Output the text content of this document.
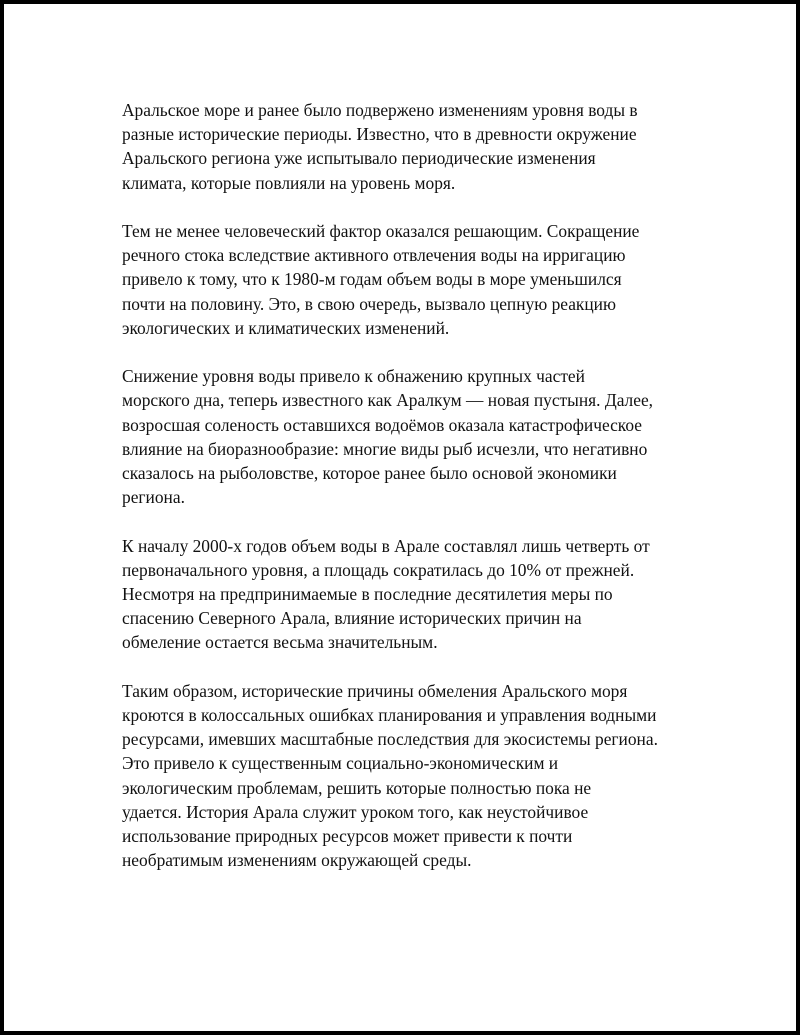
Аральское море и ранее было подвержено изменениям уровня воды в
разные исторические периоды. Известно, что в древности окружение
Аральского региона уже испытывало периодические изменения
климата, которые повлияли на уровень моря.

Тем не менее человеческий фактор оказался решающим. Сокращение
речного стока вследствие активного отвлечения воды на ирригацию
привело к тому, что к 1980-м годам объем воды в море уменьшился
почти на половину. Это, в свою очередь, вызвало цепную реакцию
экологических и климатических изменений.

Снижение уровня воды привело к обнажению крупных частей
морского дна, теперь известного как Аралкум — новая пустыня. Далее,
возросшая соленость оставшихся водоёмов оказала катастрофическое
влияние на биоразнообразие: многие виды рыб исчезли, что негативно
сказалось на рыболовстве, которое ранее было основой экономики
региона.

К началу 2000-х годов объем воды в Арале составлял лишь четверть от
первоначального уровня, а площадь сократилась до 10% от прежней.
Несмотря на предпринимаемые в последние десятилетия меры по
спасению Северного Арала, влияние исторических причин на
обмеление остается весьма значительным.

Таким образом, исторические причины обмеления Аральского моря
кроются в колоссальных ошибках планирования и управления водными
ресурсами, имевших масштабные последствия для экосистемы региона.
Это привело к существенным социально-экономическим и
экологическим проблемам, решить которые полностью пока не
удается. История Арала служит уроком того, как неустойчивое
использование природных ресурсов может привести к почти
необратимым изменениям окружающей среды.
